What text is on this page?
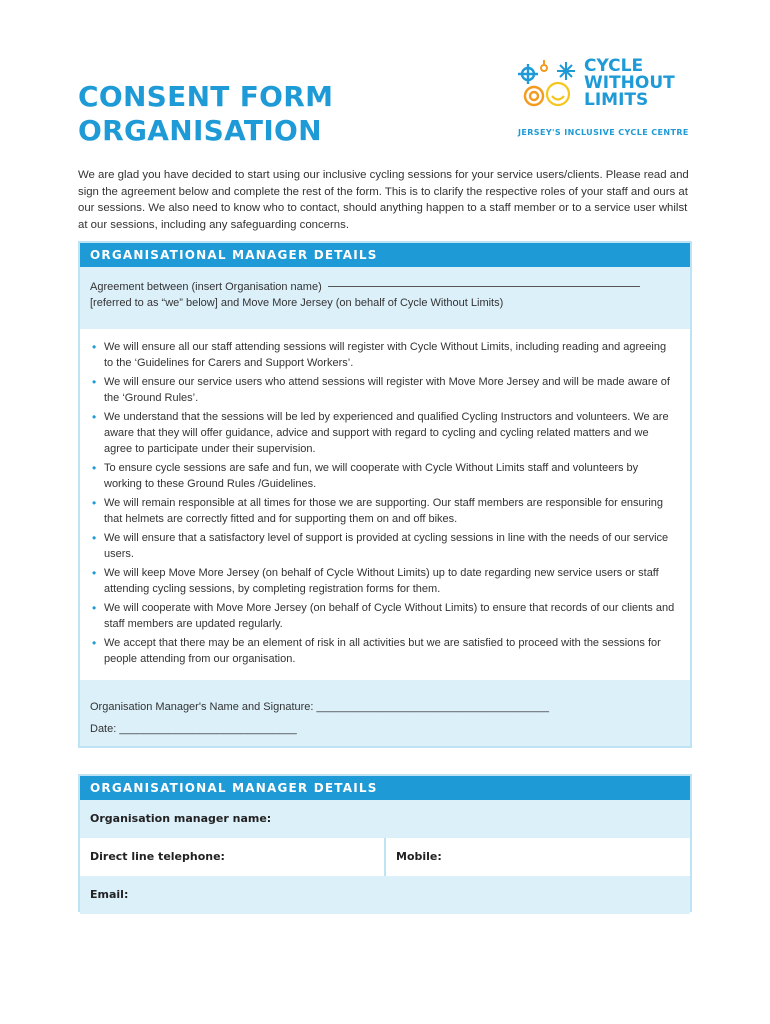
CONSENT FORM
ORGANISATION
CYCLE
WITHOUT
LIMITS
JERSEY'S INCLUSIVE CYCLE CENTRE

We are glad you have decided to start using our inclusive cycling sessions for your service users/clients. Please read and sign the agreement below and complete the rest of the form. This is to clarify the respective roles of your staff and ours at our sessions. We also need to know who to contact, should anything happen to a staff member or to a service user whilst at our sessions, including any safeguarding concerns.

ORGANISATIONAL MANAGER DETAILS
Agreement between (insert Organisation name)
[referred to as “we” below] and Move More Jersey (on behalf of Cycle Without Limits)
• We will ensure all our staff attending sessions will register with Cycle Without Limits, including reading and agreeing to the ‘Guidelines for Carers and Support Workers’.
• We will ensure our service users who attend sessions will register with Move More Jersey and will be made aware of the ‘Ground Rules’.
• We understand that the sessions will be led by experienced and qualified Cycling Instructors and volunteers. We are aware that they will offer guidance, advice and support with regard to cycling and cycling related matters and we agree to participate under their supervision.
• To ensure cycle sessions are safe and fun, we will cooperate with Cycle Without Limits staff and volunteers by working to these Ground Rules /Guidelines.
• We will remain responsible at all times for those we are supporting. Our staff members are responsible for ensuring that helmets are correctly fitted and for supporting them on and off bikes.
• We will ensure that a satisfactory level of support is provided at cycling sessions in line with the needs of our service users.
• We will keep Move More Jersey (on behalf of Cycle Without Limits) up to date regarding new service users or staff attending cycling sessions, by completing registration forms for them.
• We will cooperate with Move More Jersey (on behalf of Cycle Without Limits) to ensure that records of our clients and staff members are updated regularly.
• We accept that there may be an element of risk in all activities but we are satisfied to proceed with the sessions for people attending from our organisation.
Organisation Manager's Name and Signature: ______________________________________
Date: _____________________________
ORGANISATIONAL MANAGER DETAILS
Organisation manager name:
Direct line telephone:	Mobile:
Email:
